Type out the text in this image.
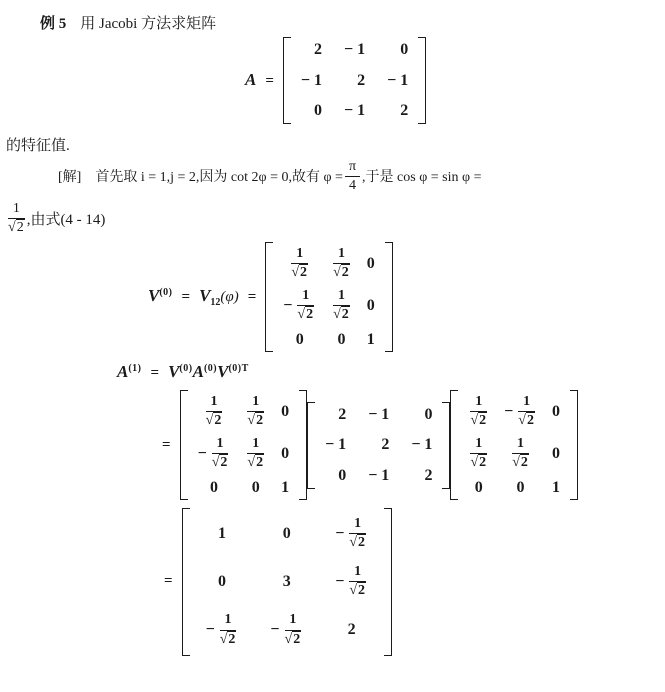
例 5 用 Jacobi 方法求矩阵

A =
2 − 1 0
− 1 2 − 1
0 − 1 2

的特征值.

[解] 首先取 i = 1,j = 2,因为 cot 2φ = 0,故有 $\varphi = \frac{\pi}{4}$ ,于是 cos φ = sin φ =
$\frac{1}{√2}$ ,由式(4 - 14)
$V^{(0)} = V_{12}(\varphi)$ =
$\frac{1}{√2} \frac{1}{√2} 0$
− $\frac{1}{√2} \frac{1}{√2} 0$
0 0 1
$A^{(1)} = V^{(0)}A^{(0)}V^{(0)T}$
=
$\frac{1}{√2} \frac{1}{√2} 0$
− $\frac{1}{√2} \frac{1}{√2} 0$
0 0 1
2 − 1 0
− 1 2 − 1
0 − 1 2
$\frac{1}{√2} - \frac{1}{√2} 0$
$\frac{1}{√2} \frac{1}{√2} 0$
0 0 1
=
1	0	− $\frac{1}{√2}$
0	3	− $\frac{1}{√2}$
− $\frac{1}{√2} - \frac{1}{√2}$	2
